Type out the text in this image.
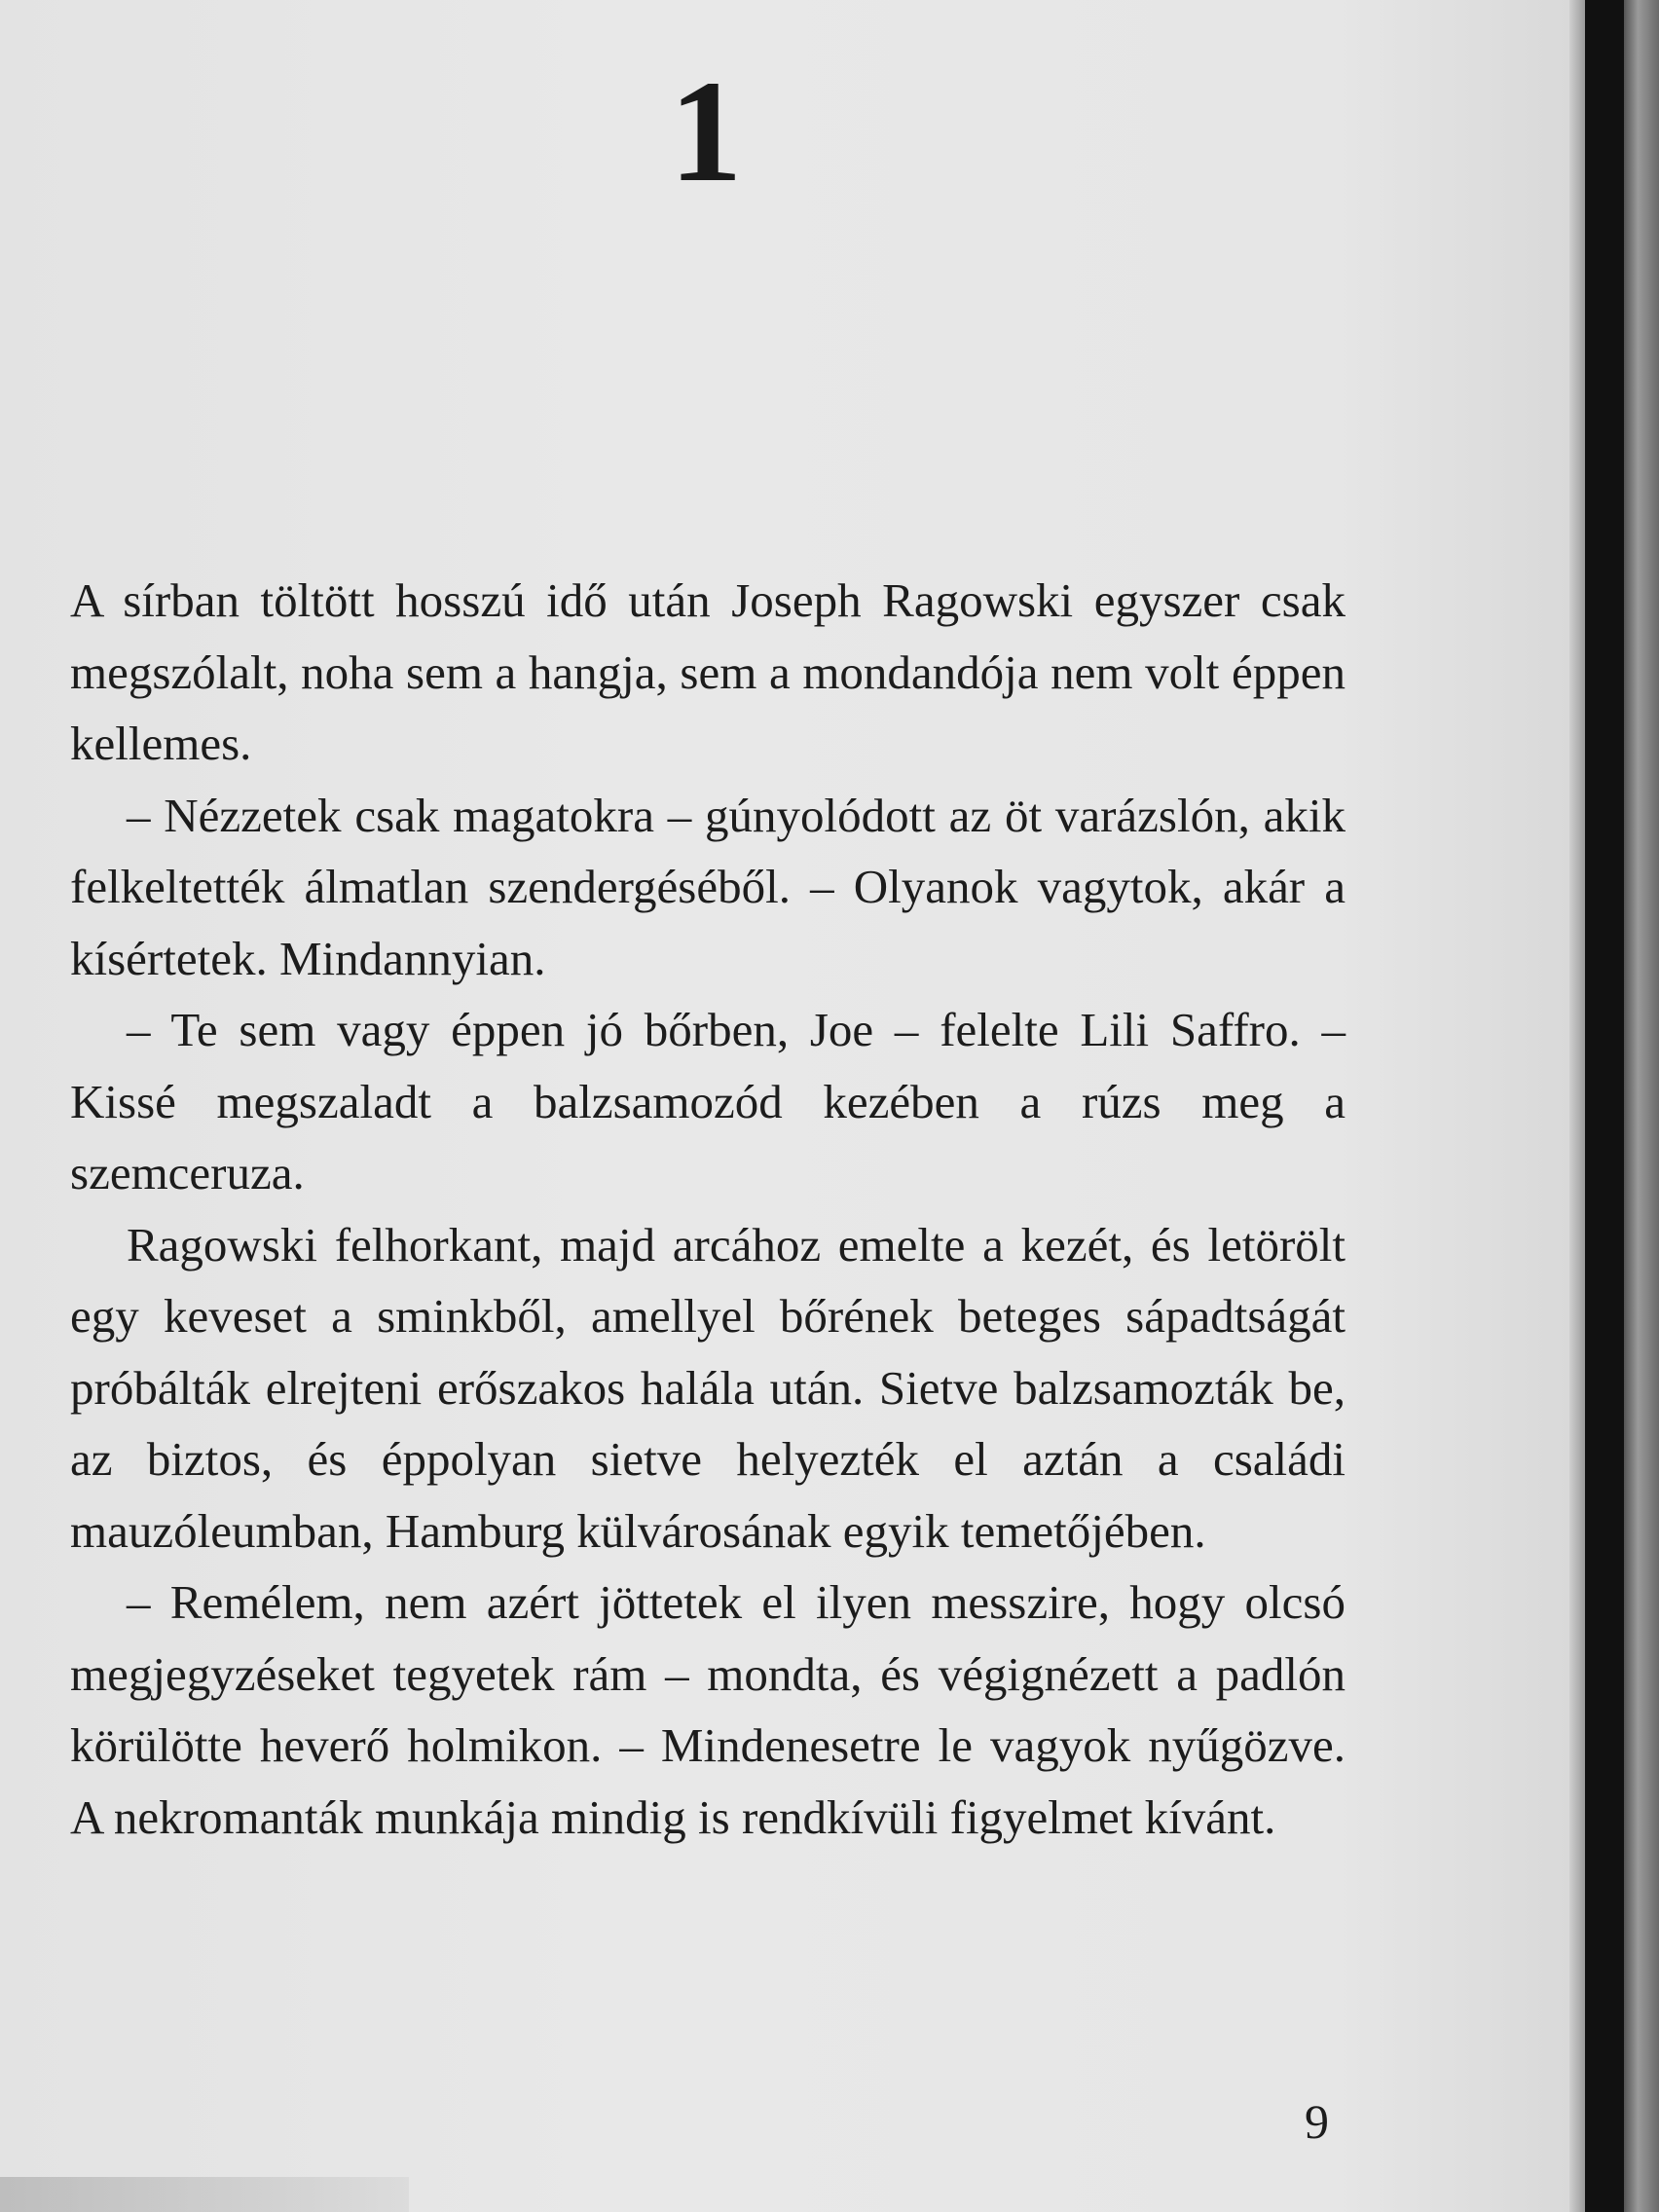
1

A sírban töltött hosszú idő után Joseph Ragowski egyszer csak megszólalt, noha sem a hangja, sem a mondandója nem volt éppen kellemes.

– Nézzetek csak magatokra – gúnyolódott az öt varázslón, akik felkeltették álmatlan szendergéséből. – Olyanok vagytok, akár a kísértetek. Mindannyian.

– Te sem vagy éppen jó bőrben, Joe – felelte Lili Saffro. – Kissé megszaladt a balzsamozód kezében a rúzs meg a szemceruza.

Ragowski felhorkant, majd arcához emelte a kezét, és letörölt egy keveset a sminkből, amellyel bőrének beteges sápadtságát próbálták elrejteni erőszakos halála után. Sietve balzsamozták be, az biztos, és éppolyan sietve helyezték el aztán a családi mauzóleumban, Hamburg külvárosának egyik temetőjében.

– Remélem, nem azért jöttetek el ilyen messzire, hogy olcsó megjegyzéseket tegyetek rám – mondta, és végignézett a padlón körülötte heverő holmikon. – Mindenesetre le vagyok nyűgözve. A nekromanták munkája mindig is rendkívüli figyelmet kívánt.

9
